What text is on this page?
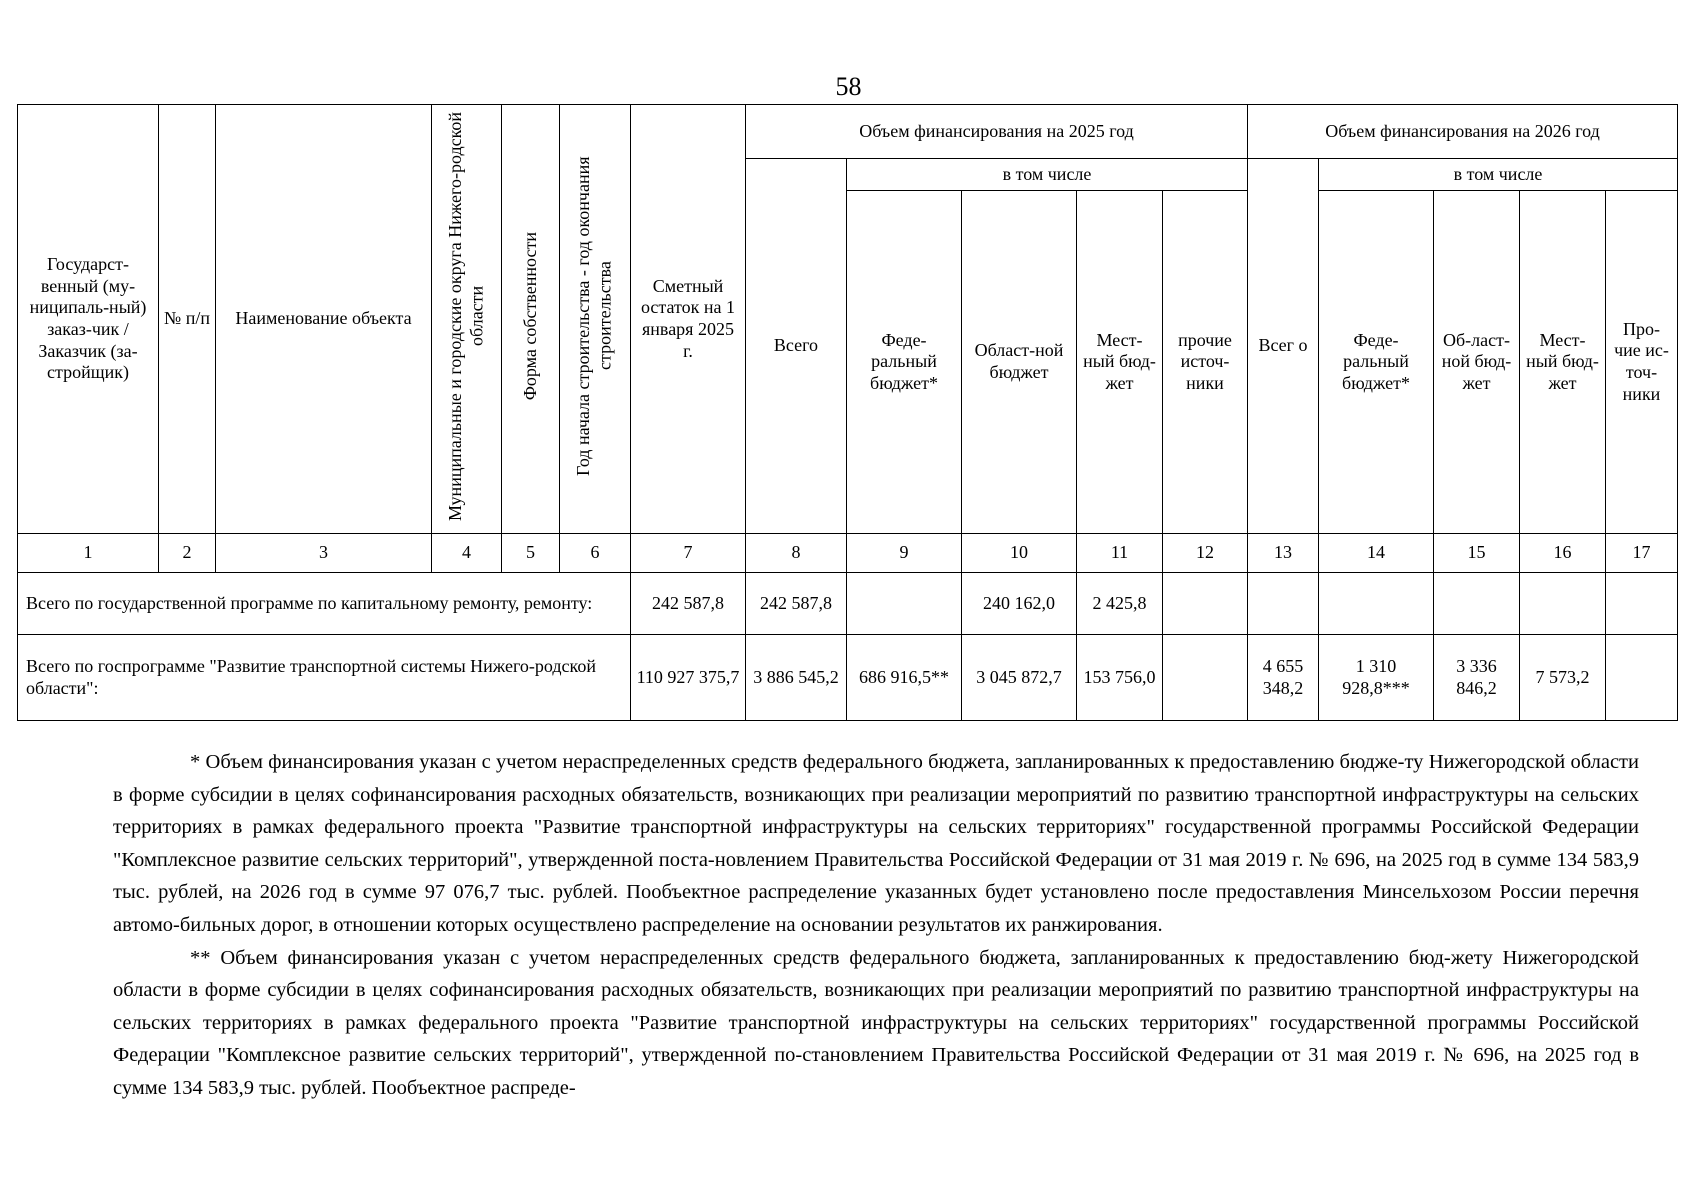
58
Государст-венный (му-ниципаль-ный) заказ-чик / Заказчик (за-стройщик)	№ п/п	Наименование объекта	Муниципальные и городские округа Нижего-родской области	Форма собственности	Год начала строительства - год окончания строительства	Сметный остаток на 1 января 2025 г.	Объем финансирования на 2025 год					Объем финансирования на 2026 год				
							Всего	в том числе				Всег о	в том числе			
								Феде-ральный бюджет*	Област-ной бюджет	Мест-ный бюд-жет	прочие источ-ники		Феде-ральный бюджет*	Об-ласт-ной бюд-жет	Мест-ный бюд-жет	Про-чие ис-точ-ники
1	2	3	4	5	6	7	8	9	10	11	12	13	14	15	16	17
Всего по государственной программе по капитальному ремонту, ремонту:						242 587,8	242 587,8		240 162,0	2 425,8						
Всего по госпрограмме "Развитие транспортной системы Нижего-родской области":						110 927 375,7	3 886 545,2	686 916,5**	3 045 872,7	153 756,0		4 655 348,2	1 310 928,8***	3 336 846,2	7 573,2	

* Объем финансирования указан с учетом нераспределенных средств федерального бюджета, запланированных к предоставлению бюдже-ту Нижегородской области в форме субсидии в целях софинансирования расходных обязательств, возникающих при реализации мероприятий по развитию транспортной инфраструктуры на сельских территориях в рамках федерального проекта "Развитие транспортной инфраструктуры на сельских территориях" государственной программы Российской Федерации "Комплексное развитие сельских территорий", утвержденной поста-новлением Правительства Российской Федерации от 31 мая 2019 г. № 696, на 2025 год в сумме 134 583,9 тыс. рублей, на 2026 год в сумме 97 076,7 тыс. рублей. Пообъектное распределение указанных будет установлено после предоставления Минсельхозом России перечня автомо-бильных дорог, в отношении которых осуществлено распределение на основании результатов их ранжирования.

** Объем финансирования указан с учетом нераспределенных средств федерального бюджета, запланированных к предоставлению бюд-жету Нижегородской области в форме субсидии в целях софинансирования расходных обязательств, возникающих при реализации мероприятий по развитию транспортной инфраструктуры на сельских территориях в рамках федерального проекта "Развитие транспортной инфраструктуры на сельских территориях" государственной программы Российской Федерации "Комплексное развитие сельских территорий", утвержденной по-становлением Правительства Российской Федерации от 31 мая 2019 г. № 696, на 2025 год в сумме 134 583,9 тыс. рублей. Пообъектное распреде-
